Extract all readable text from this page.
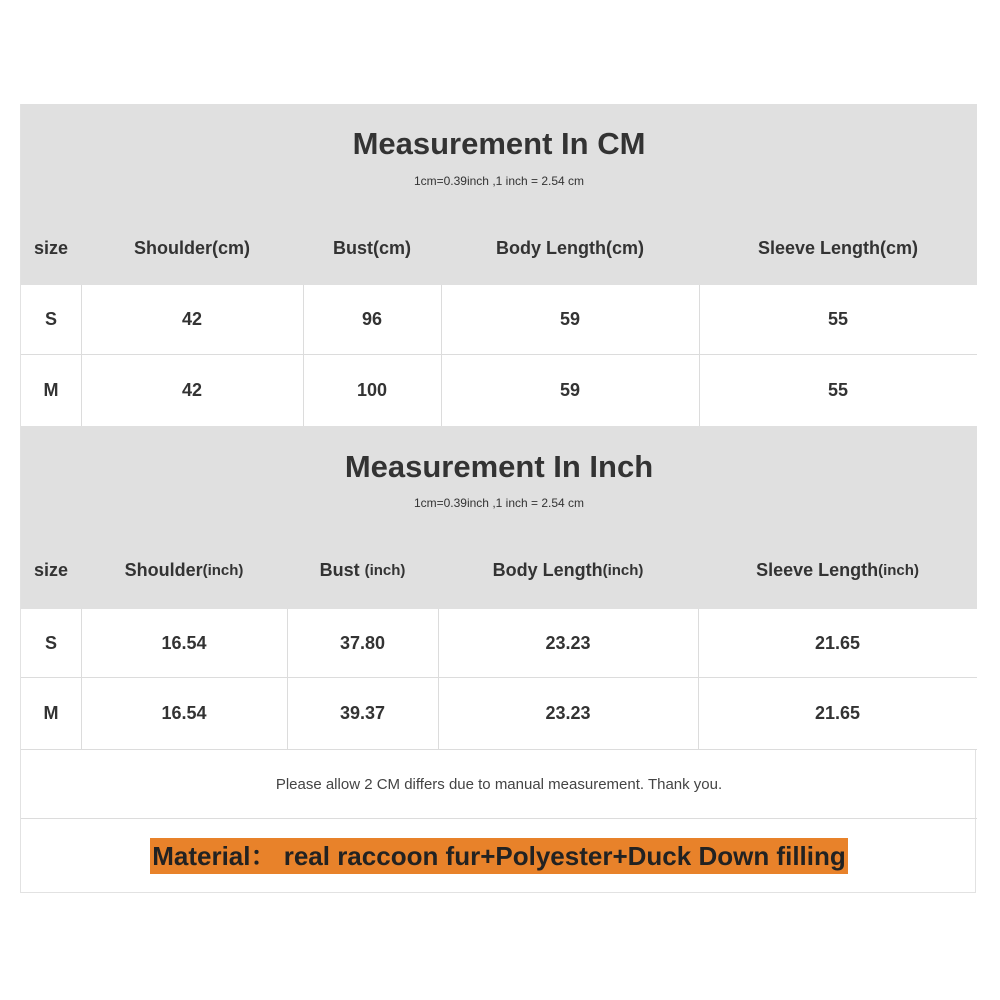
Measurement In CM
1cm=0.39inch ,1 inch = 2.54 cm
size	Shoulder(cm)	Bust(cm)	Body Length(cm)	Sleeve Length(cm)
S	42	96	59	55
M	42	100	59	55
Measurement In Inch
1cm=0.39inch ,1 inch = 2.54 cm
size	Shoulder (inch)	Bust (inch)	Body Length (inch)	Sleeve Length (inch)
S	16.54	37.80	23.23	21.65
M	16.54	39.37	23.23	21.65
Please allow 2 CM differs due to manual measurement. Thank you.
Material： real raccoon fur+Polyester+Duck Down filling
